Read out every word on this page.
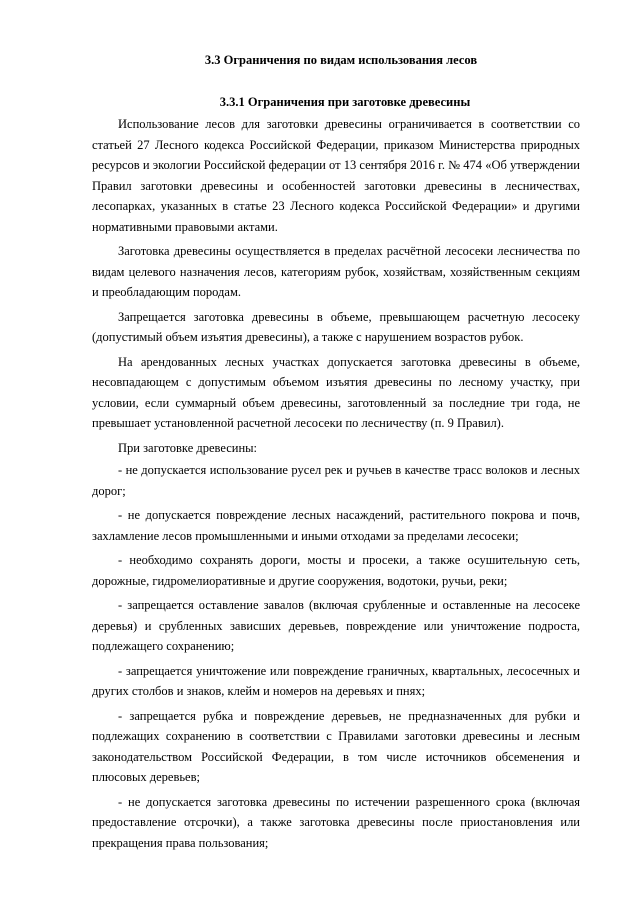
3.3 Ограничения по видам использования лесов
3.3.1 Ограничения при заготовке древесины

Использование лесов для заготовки древесины ограничивается в соответствии со статьей 27 Лесного кодекса Российской Федерации, приказом Министерства природных ресурсов и экологии Российской федерации от 13 сентября 2016 г. № 474 «Об утверждении Правил заготовки древесины и особенностей заготовки древесины в лесничествах, лесопарках, указанных в статье 23 Лесного кодекса Российской Федерации» и другими нормативными правовыми актами.

Заготовка древесины осуществляется в пределах расчётной лесосеки лесничества по видам целевого назначения лесов, категориям рубок, хозяйствам, хозяйственным секциям и преобладающим породам.

Запрещается заготовка древесины в объеме, превышающем расчетную лесосеку (допустимый объем изъятия древесины), а также с нарушением возрастов рубок.

На арендованных лесных участках допускается заготовка древесины в объеме, несовпадающем с допустимым объемом изъятия древесины по лесному участку, при условии, если суммарный объем древесины, заготовленный за последние три года, не превышает установленной расчетной лесосеки по лесничеству (п. 9 Правил).

При заготовке древесины:

- не допускается использование русел рек и ручьев в качестве трасс волоков и лесных дорог;

- не допускается повреждение лесных насаждений, растительного покрова и почв, захламление лесов промышленными и иными отходами за пределами лесосеки;

- необходимо сохранять дороги, мосты и просеки, а также осушительную сеть, дорожные, гидромелиоративные и другие сооружения, водотоки, ручьи, реки;

- запрещается оставление завалов (включая срубленные и оставленные на лесосеке деревья) и срубленных зависших деревьев, повреждение или уничтожение подроста, подлежащего сохранению;

- запрещается уничтожение или повреждение граничных, квартальных, лесосечных и других столбов и знаков, клейм и номеров на деревьях и пнях;

- запрещается рубка и повреждение деревьев, не предназначенных для рубки и подлежащих сохранению в соответствии с Правилами заготовки древесины и лесным законодательством Российской Федерации, в том числе источников обсеменения и плюсовых деревьев;

- не допускается заготовка древесины по истечении разрешенного срока (включая предоставление отсрочки), а также заготовка древесины после приостановления или прекращения права пользования;
